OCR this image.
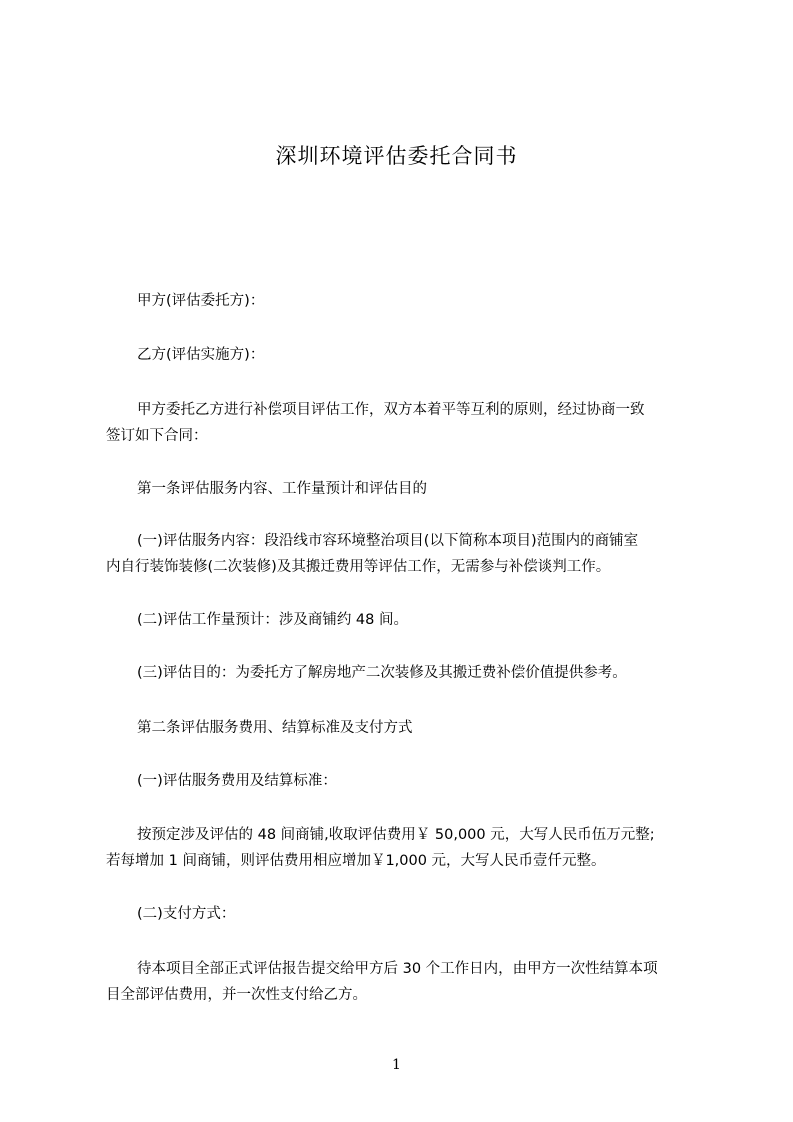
深圳环境评估委托合同书
甲方(评估委托方)：
乙方(评估实施方)：
甲方委托乙方进行补偿项目评估工作，双方本着平等互利的原则，经过协商一致
签订如下合同：
第一条评估服务内容、工作量预计和评估目的
(一)评估服务内容：段沿线市容环境整治项目(以下简称本项目)范围内的商铺室
内自行装饰装修(二次装修)及其搬迁费用等评估工作，无需参与补偿谈判工作。
(二)评估工作量预计：涉及商铺约 48 间。
(三)评估目的：为委托方了解房地产二次装修及其搬迁费补偿价值提供参考。
第二条评估服务费用、结算标准及支付方式
(一)评估服务费用及结算标准：
按预定涉及评估的 48 间商铺,收取评估费用￥ 50,000 元，大写人民币伍万元整;
若每增加 1 间商铺，则评估费用相应增加￥1,000 元，大写人民币壹仟元整。
(二)支付方式：
待本项目全部正式评估报告提交给甲方后 30 个工作日内，由甲方一次性结算本项
目全部评估费用，并一次性支付给乙方。
1
